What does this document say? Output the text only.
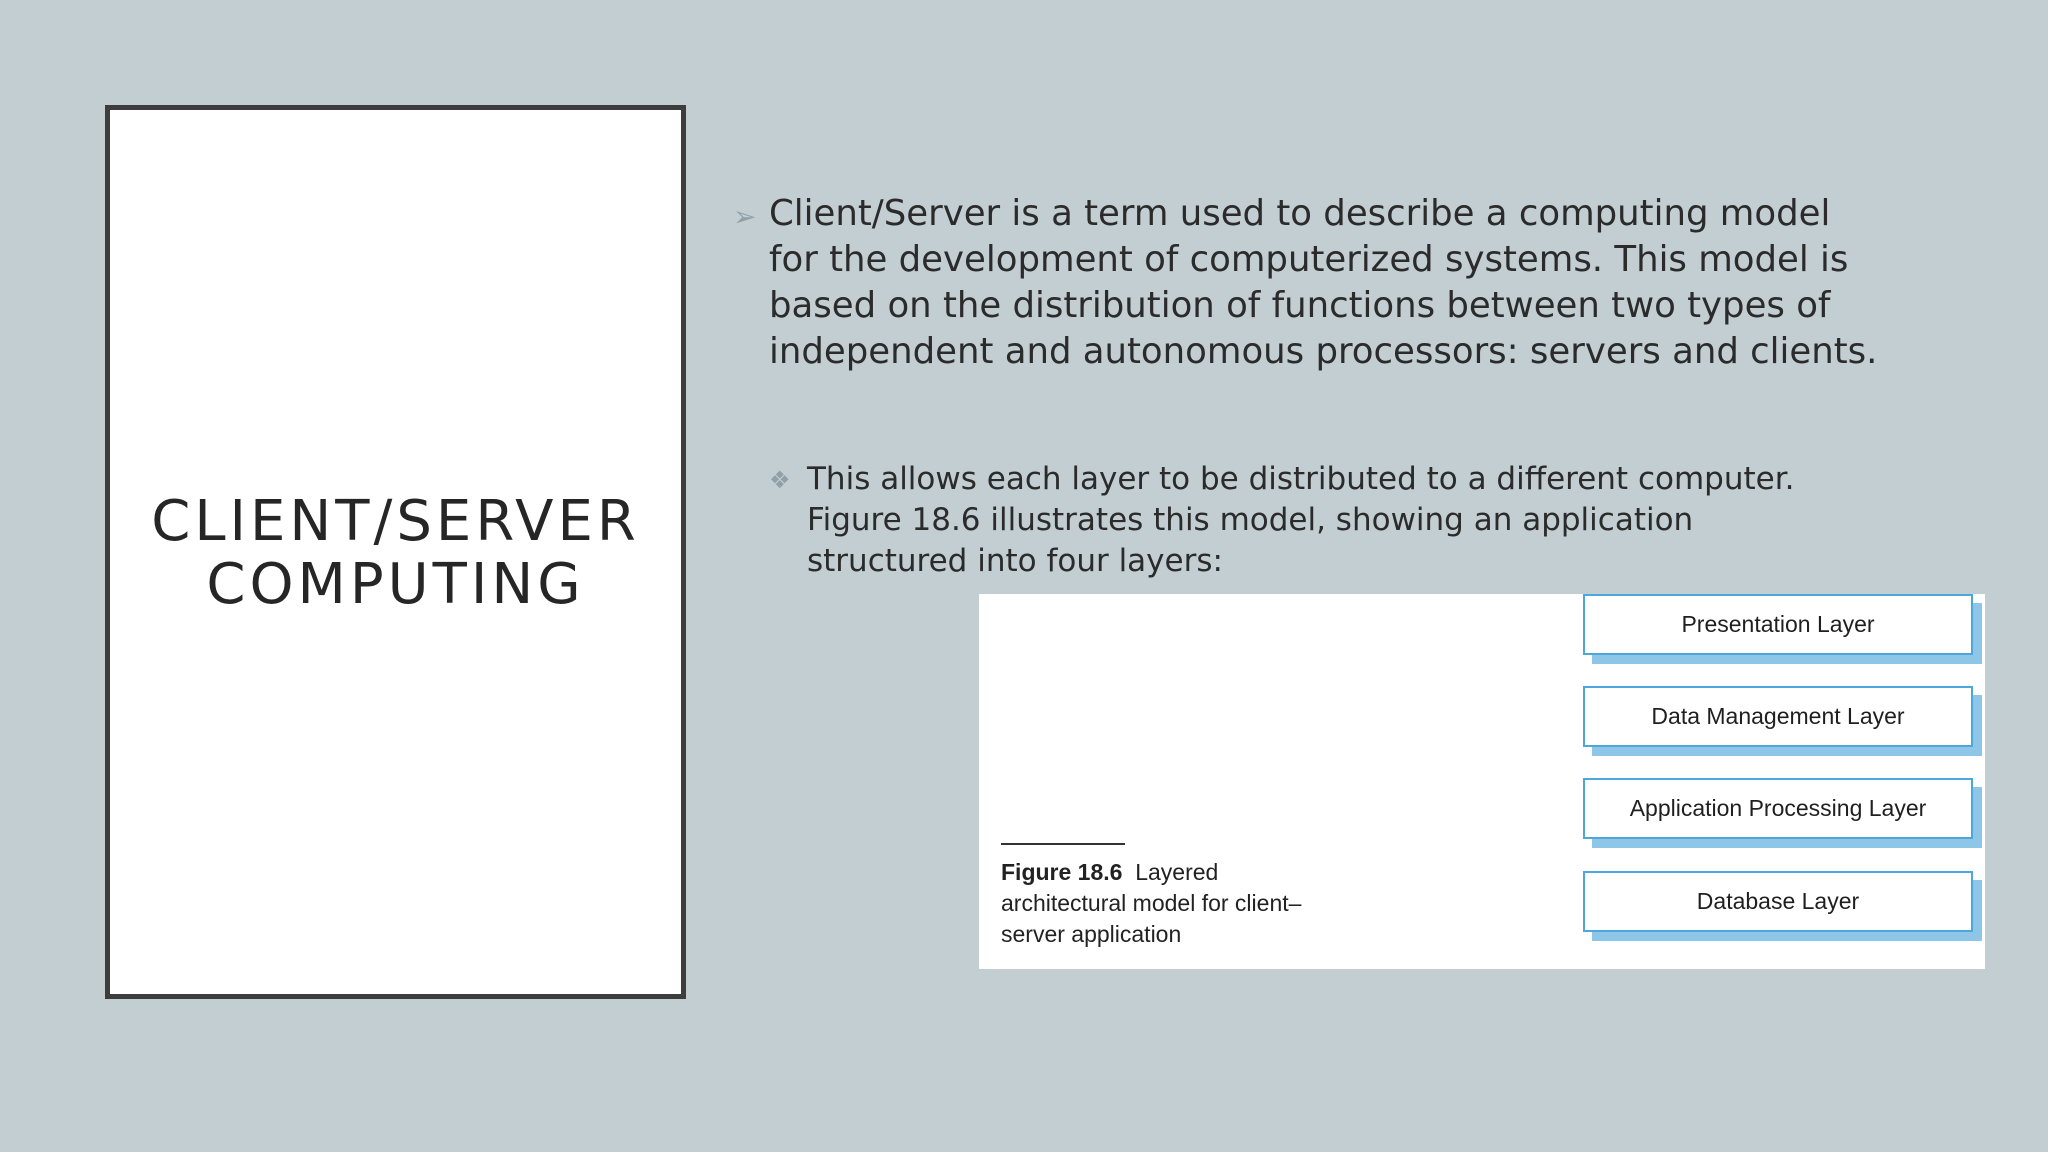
CLIENT/SERVER
COMPUTING
➢ Client/Server is a term used to describe a computing model for the development of computerized systems. This model is based on the distribution of functions between two types of independent and autonomous processors: servers and clients.
❖ This allows each layer to be distributed to a different computer. Figure 18.6 illustrates this model, showing an application structured into four layers:
Presentation Layer
Data Management Layer
Application Processing Layer
Database Layer
Figure 18.6 Layered architectural model for client–server application
